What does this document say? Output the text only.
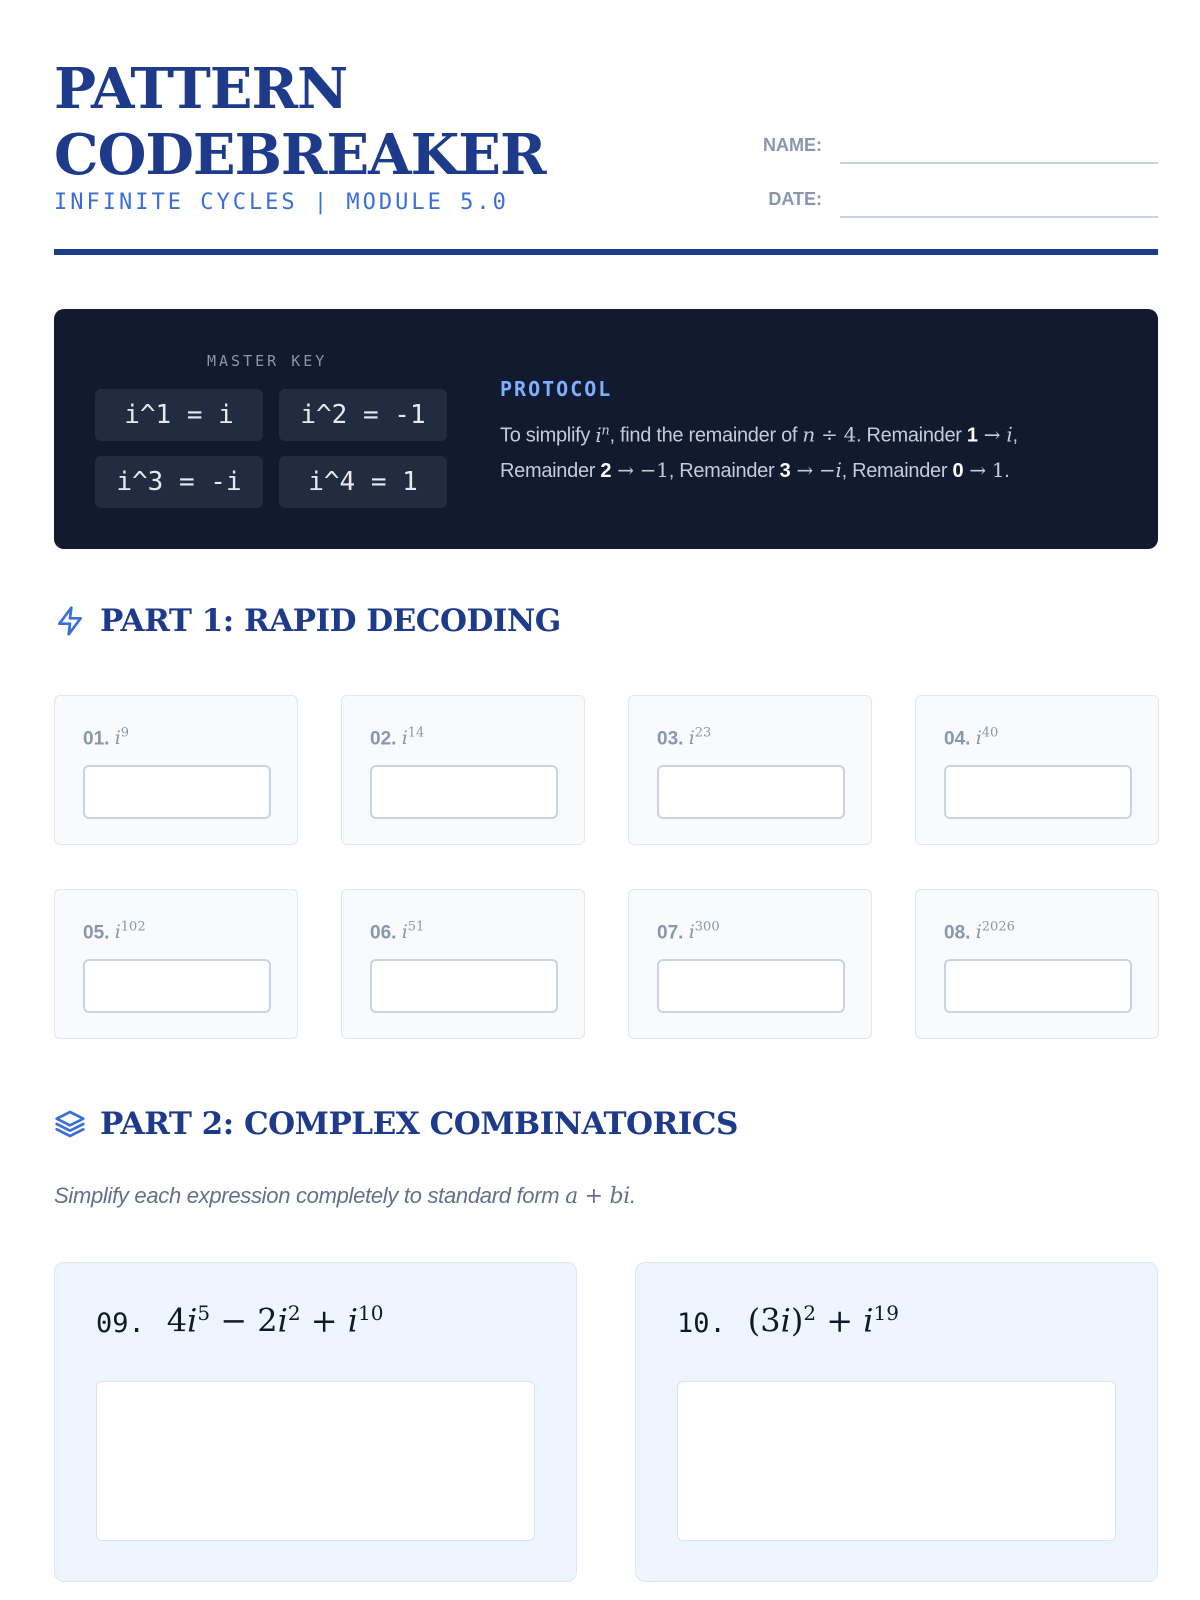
PATTERN
CODEBREAKER
INFINITE CYCLES | MODULE 5.0
NAME:
DATE:
MASTER KEY
i^1 = i	i^2 = -1
i^3 = -i	i^4 = 1
PROTOCOL
To simplify $i^n$, find the remainder of n ÷ 4. Remainder 1 → i,
Remainder 2 → −1, Remainder 3 → −i, Remainder 0 → 1.
PART 1: RAPID DECODING
01. $i^9$	02. $i^{14}$	03. $i^{23}$	04. $i^{40}$
05. $i^{102}$	06. $i^{51}$	07. $i^{300}$	08. $i^{2026}$
PART 2: COMPLEX COMBINATORICS
Simplify each expression completely to standard form a + bi.
09. $4i^5 - 2i^2 + i^{10}$	10. $(3i)^2 + i^{19}$
